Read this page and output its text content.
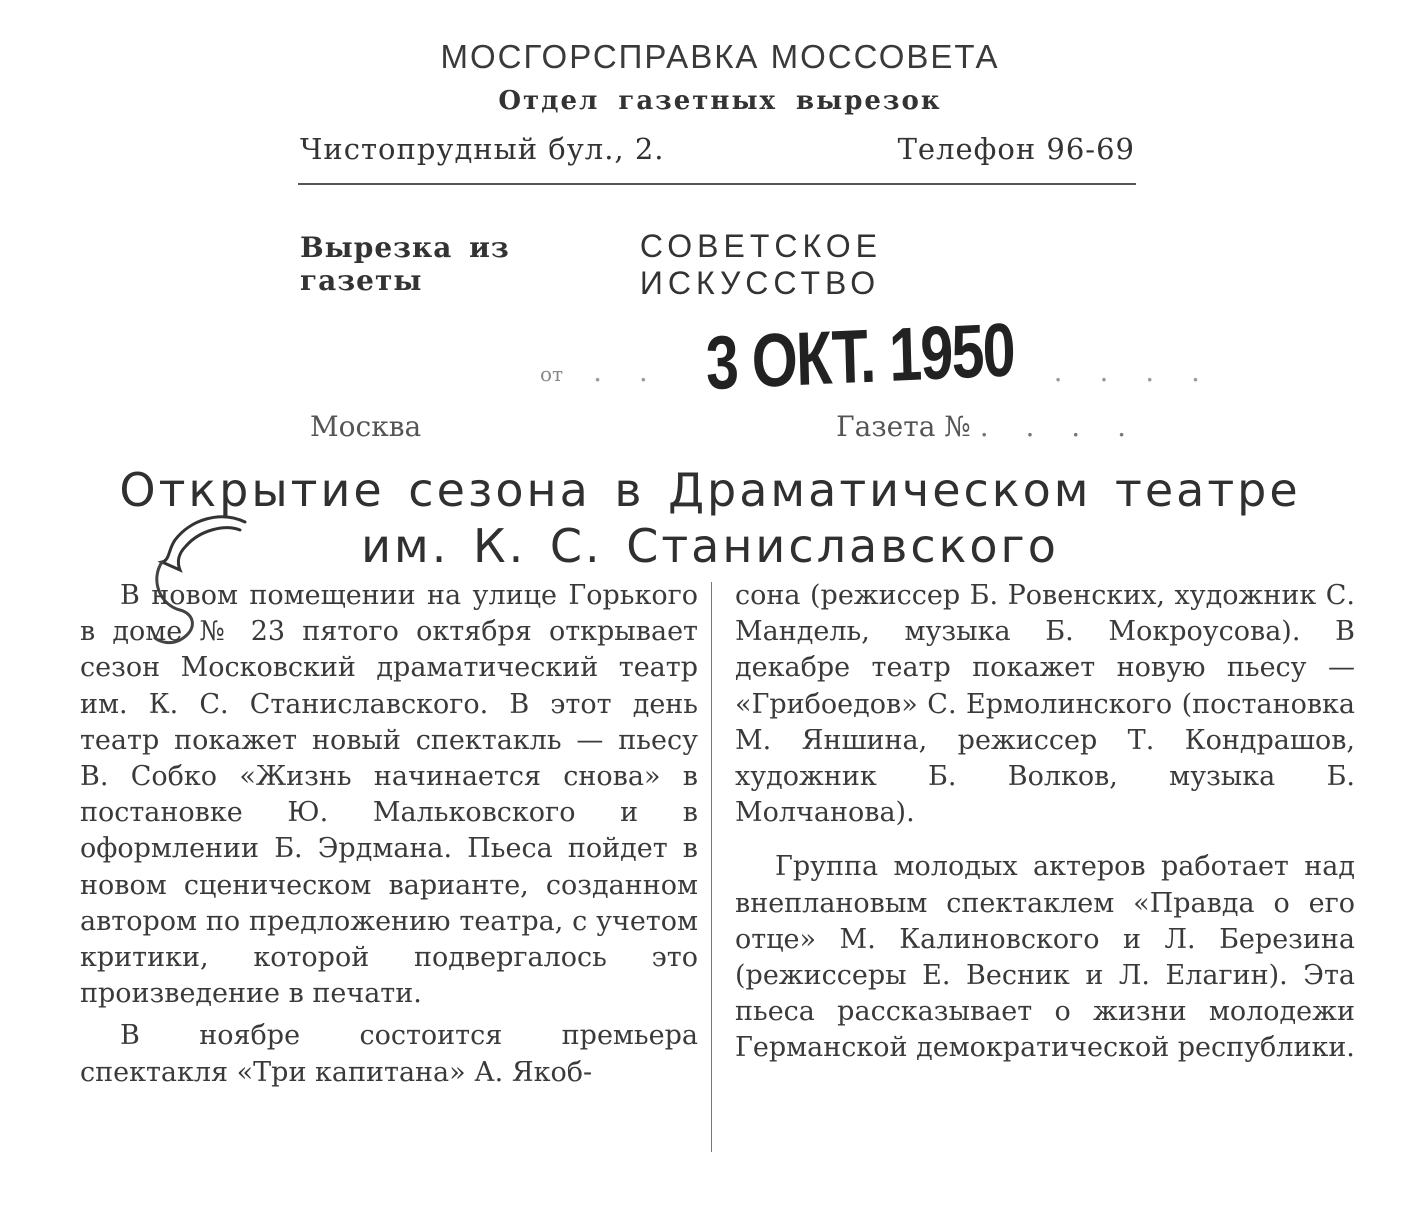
МОСГОРСПРАВКА МОССОВЕТА
Отдел газетных вырезок
Чистопрудный бул., 2.	Телефон 96-69
Вырезка из газеты
СОВЕТСКОЕ ИСКУССТВО
от . . 3 ОКТ. 1950 . . . .
Москва	Газета № . . . .
Открытие сезона в Драматическом театре
им. К. С. Станиславского

В новом помещении на улице Горького в доме № 23 пятого октября открывает сезон Московский драматический театр им. К. С. Станиславского. В этот день театр покажет новый спектакль — пьесу В. Собко «Жизнь начинается снова» в постановке Ю. Мальковского и в оформлении Б. Эрдмана. Пьеса пойдет в новом сценическом варианте, созданном автором по предложению театра, с учетом критики, которой подвергалось это произведение в печати.

В ноябре состоится премьера спектакля «Три капитана» А. Якоб-

сона (режиссер Б. Ровенских, художник С. Мандель, музыка Б. Мокроусова). В декабре театр покажет новую пьесу — «Грибоедов» С. Ермолинского (постановка М. Яншина, режиссер Т. Кондрашов, художник Б. Волков, музыка Б. Молчанова).

Группа молодых актеров работает над внеплановым спектаклем «Правда о его отце» М. Калиновского и Л. Березина (режиссеры Е. Весник и Л. Елагин). Эта пьеса рассказывает о жизни молодежи Германской демократической республики.
